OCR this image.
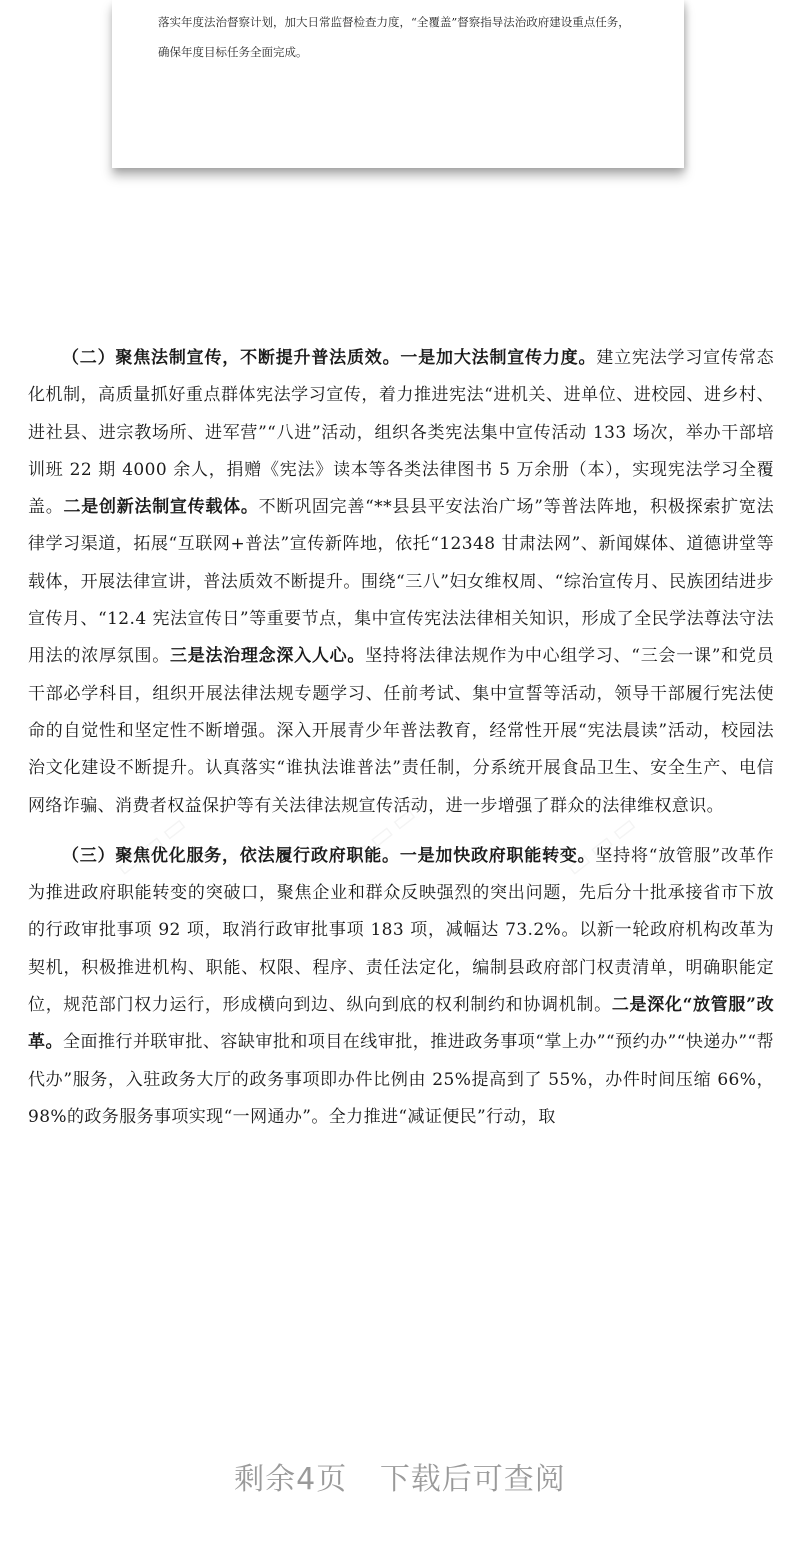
落实年度法治督察计划，加大日常监督检查力度，“全覆盖”督察指导法治政府建设重点任务，
确保年度目标任务全面完成。
▭▭▭	▭▭▭	▭▭▭

（二）聚焦法制宣传，不断提升普法质效。一是加大法制宣传力度。建立宪法学习宣传常态化机制，高质量抓好重点群体宪法学习宣传，着力推进宪法“进机关、进单位、进校园、进乡村、进社县、进宗教场所、进军营”“八进”活动，组织各类宪法集中宣传活动 133 场次，举办干部培训班 22 期 4000 余人，捐赠《宪法》读本等各类法律图书 5 万余册（本），实现宪法学习全覆盖。二是创新法制宣传载体。不断巩固完善“**县县平安法治广场”等普法阵地，积极探索扩宽法律学习渠道，拓展“互联网+普法”宣传新阵地，依托“12348 甘肃法网”、新闻媒体、道德讲堂等载体，开展法律宣讲，普法质效不断提升。围绕“三八”妇女维权周、“综治宣传月、民族团结进步宣传月、“12.4 宪法宣传日”等重要节点，集中宣传宪法法律相关知识，形成了全民学法尊法守法用法的浓厚氛围。三是法治理念深入人心。坚持将法律法规作为中心组学习、“三会一课”和党员干部必学科目，组织开展法律法规专题学习、任前考试、集中宣誓等活动，领导干部履行宪法使命的自觉性和坚定性不断增强。深入开展青少年普法教育，经常性开展“宪法晨读”活动，校园法治文化建设不断提升。认真落实“谁执法谁普法”责任制，分系统开展食品卫生、安全生产、电信网络诈骗、消费者权益保护等有关法律法规宣传活动，进一步增强了群众的法律维权意识。

（三）聚焦优化服务，依法履行政府职能。一是加快政府职能转变。坚持将“放管服”改革作为推进政府职能转变的突破口，聚焦企业和群众反映强烈的突出问题，先后分十批承接省市下放的行政审批事项 92 项，取消行政审批事项 183 项，减幅达 73.2%。以新一轮政府机构改革为契机，积极推进机构、职能、权限、程序、责任法定化，编制县政府部门权责清单，明确职能定位，规范部门权力运行，形成横向到边、纵向到底的权利制约和协调机制。二是深化“放管服”改革。全面推行并联审批、容缺审批和项目在线审批，推进政务事项“掌上办”“预约办”“快递办”“帮代办”服务，入驻政务大厅的政务事项即办件比例由 25%提高到了 55%，办件时间压缩 66%，98%的政务服务事项实现“一网通办”。全力推进“减证便民”行动，取

剩余4页 下载后可查阅
